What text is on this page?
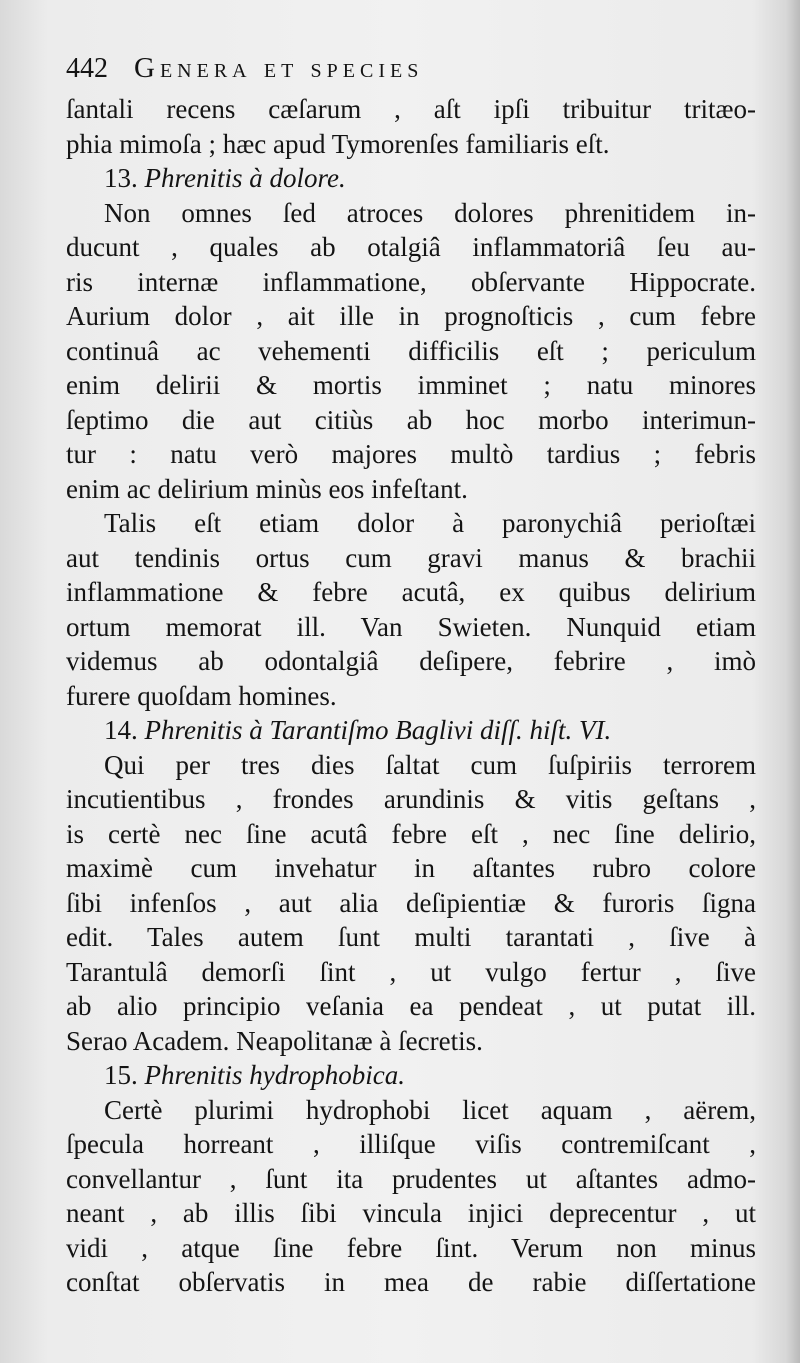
442 Genera et species
ſantali recens cæſarum , aſt ipſi tribuitur tritæo-
phia mimoſa ; hæc apud Tymorenſes familiaris eſt.
13. Phrenitis à dolore.
Non omnes ſed atroces dolores phrenitidem in-
ducunt , quales ab otalgiâ inflammatoriâ ſeu au-
ris internæ inflammatione, obſervante Hippocrate.
Aurium dolor , ait ille in prognoſticis , cum febre
continuâ ac vehementi difficilis eſt ; periculum
enim delirii & mortis imminet ; natu minores
ſeptimo die aut citiùs ab hoc morbo interimun-
tur : natu verò majores multò tardius ; febris
enim ac delirium minùs eos infeſtant.
Talis eſt etiam dolor à paronychiâ perioſtæi
aut tendinis ortus cum gravi manus & brachii
inflammatione & febre acutâ, ex quibus delirium
ortum memorat ill. Van Swieten. Nunquid etiam
videmus ab odontalgiâ deſipere, febrire , imò
furere quoſdam homines.
14. Phrenitis à Tarantiſmo Baglivi diſſ. hiſt. VI.
Qui per tres dies ſaltat cum ſuſpiriis terrorem
incutientibus , frondes arundinis & vitis geſtans ,
is certè nec ſine acutâ febre eſt , nec ſine delirio,
maximè cum invehatur in aſtantes rubro colore
ſibi infenſos , aut alia deſipientiæ & furoris ſigna
edit. Tales autem ſunt multi tarantati , ſive à
Tarantulâ demorſi ſint , ut vulgo fertur , ſive
ab alio principio veſania ea pendeat , ut putat ill.
Serao Academ. Neapolitanæ à ſecretis.
15. Phrenitis hydrophobica.
Certè plurimi hydrophobi licet aquam , aërem,
ſpecula horreant , illiſque viſis contremiſcant ,
convellantur , ſunt ita prudentes ut aſtantes admo-
neant , ab illis ſibi vincula injici deprecentur , ut
vidi , atque ſine febre ſint. Verum non minus
conſtat obſervatis in mea de rabie diſſertatione
